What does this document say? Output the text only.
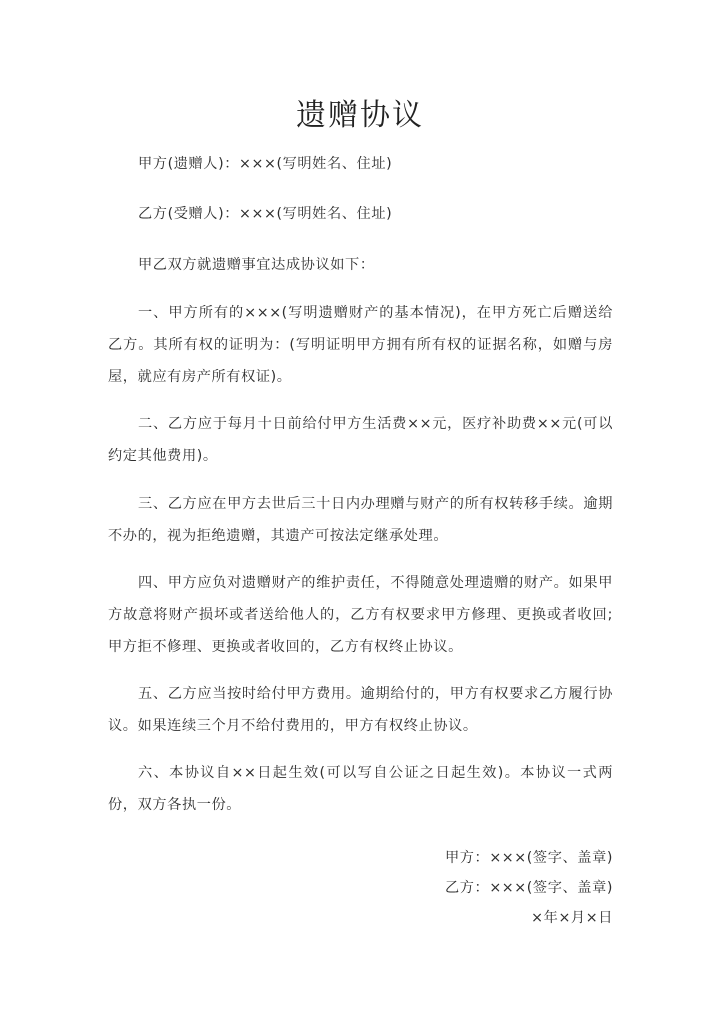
遗赠协议
甲方(遗赠人)：×××(写明姓名、住址)
乙方(受赠人)：×××(写明姓名、住址)
甲乙双方就遗赠事宜达成协议如下：
一、甲方所有的×××(写明遗赠财产的基本情况)，在甲方死亡后赠送给乙方。其所有权的证明为：(写明证明甲方拥有所有权的证据名称，如赠与房屋，就应有房产所有权证)。
二、乙方应于每月十日前给付甲方生活费××元，医疗补助费××元(可以约定其他费用)。
三、乙方应在甲方去世后三十日内办理赠与财产的所有权转移手续。逾期不办的，视为拒绝遗赠，其遗产可按法定继承处理。
四、甲方应负对遗赠财产的维护责任，不得随意处理遗赠的财产。如果甲方故意将财产损坏或者送给他人的，乙方有权要求甲方修理、更换或者收回;甲方拒不修理、更换或者收回的，乙方有权终止协议。
五、乙方应当按时给付甲方费用。逾期给付的，甲方有权要求乙方履行协议。如果连续三个月不给付费用的，甲方有权终止协议。
六、本协议自××日起生效(可以写自公证之日起生效)。本协议一式两份，双方各执一份。
甲方：×××(签字、盖章)
乙方：×××(签字、盖章)
×年×月×日
